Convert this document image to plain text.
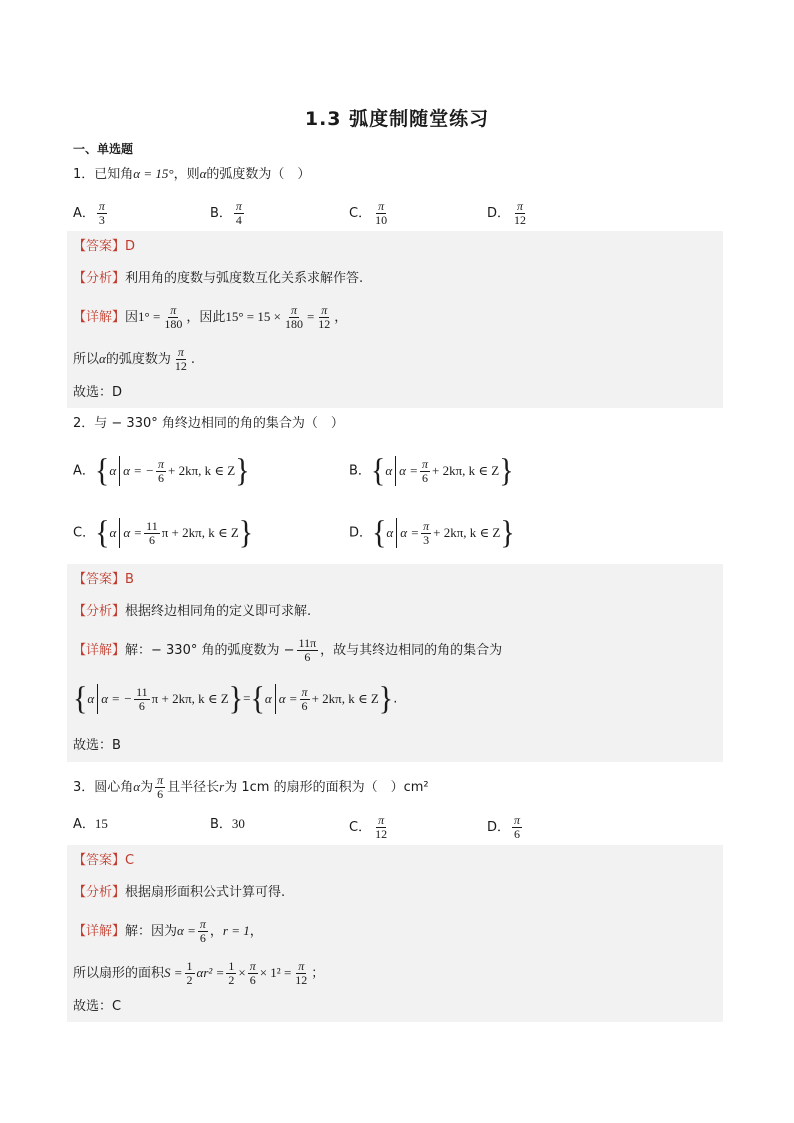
1.3 弧度制随堂练习
一、单选题
1．已知角α = 15°，则α的弧度数为（　）
A． $\frac{\pi}{3}$	B． $\frac{\pi}{4}$	C． $\frac{\pi}{10}$	D． $\frac{\pi}{12}$
【答案】D
【分析】利用角的度数与弧度数互化关系求解作答.
【详解】因$1^\circ = \frac{\pi}{180}$ ，因此$15^\circ = 15 \times \frac{\pi}{180} = \frac{\pi}{12}$ ，
所以α的弧度数为 $\frac{\pi}{12}$ .
故选：D
2．与 − 330° 角终边相同的角的集合为（　）
A． { α α = − $\frac{\pi}{6} + 2k\pi$, k ∈ Z }	B． { α $\alpha = \frac{\pi}{6} + 2k\pi$, k ∈ Z }
C． { α $\alpha = \frac{11}{6}$ π + 2kπ, k ∈ Z }	D． { α $\alpha = \frac{\pi}{3} + 2k\pi$, k ∈ Z }
【答案】B
【分析】根据终边相同角的定义即可求解.
【详解】解：− 330° 角的弧度数为 − $\frac{11\pi}{6}$ ，故与其终边相同的角的集合为
{ α α = − $\frac{11}{6}$ π + 2kπ, k ∈ Z } = { α $\alpha = \frac{\pi}{6} + 2k\pi$, k ∈ Z } .
故选：B
3．圆心角α为 $\frac{\pi}{6}$ 且半径长r为 1cm 的扇形的面积为（　）cm²
A．15	B．30	C． $\frac{\pi}{12}$	D． $\frac{\pi}{6}$
【答案】C
【分析】根据扇形面积公式计算可得.
【详解】解：因为$\alpha = \frac{\pi}{6}$ ，r = 1，
所以扇形的面积$S = \frac{1}{2} \alpha r^2 = \frac{1}{2} \times \frac{\pi}{6} \times 1^2 = \frac{\pi}{12}$ ；
故选：C
